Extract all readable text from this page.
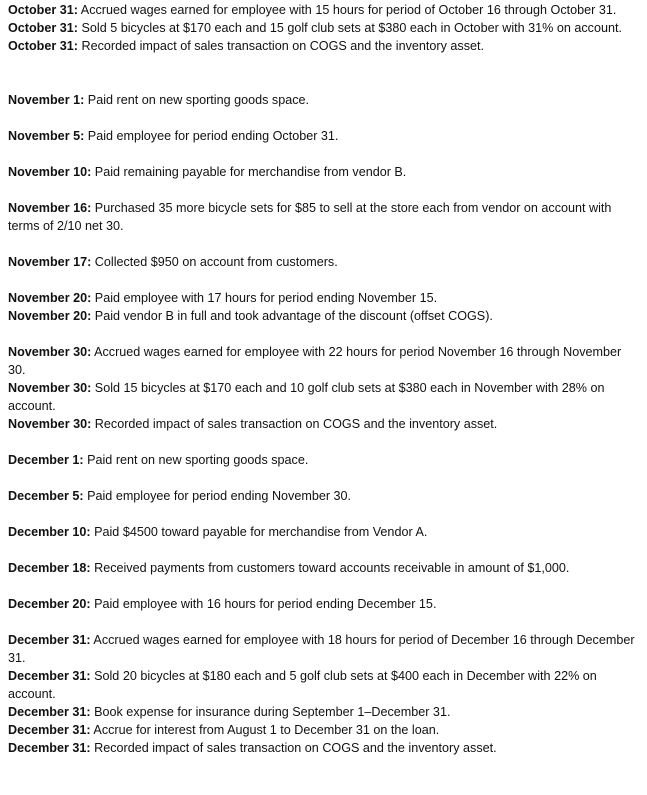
October 31: Accrued wages earned for employee with 15 hours for period of October 16 through October 31.

October 31: Sold 5 bicycles at $170 each and 15 golf club sets at $380 each in October with 31% on account.

October 31: Recorded impact of sales transaction on COGS and the inventory asset.

November 1: Paid rent on new sporting goods space.

November 5: Paid employee for period ending October 31.

November 10: Paid remaining payable for merchandise from vendor B.

November 16: Purchased 35 more bicycle sets for $85 to sell at the store each from vendor on account with terms of 2/10 net 30.

November 17: Collected $950 on account from customers.

November 20: Paid employee with 17 hours for period ending November 15.

November 20: Paid vendor B in full and took advantage of the discount (offset COGS).

November 30: Accrued wages earned for employee with 22 hours for period November 16 through November 30.

November 30: Sold 15 bicycles at $170 each and 10 golf club sets at $380 each in November with 28% on account.

November 30: Recorded impact of sales transaction on COGS and the inventory asset.

December 1: Paid rent on new sporting goods space.

December 5: Paid employee for period ending November 30.

December 10: Paid $4500 toward payable for merchandise from Vendor A.

December 18: Received payments from customers toward accounts receivable in amount of $1,000.

December 20: Paid employee with 16 hours for period ending December 15.

December 31: Accrued wages earned for employee with 18 hours for period of December 16 through December 31.

December 31: Sold 20 bicycles at $180 each and 5 golf club sets at $400 each in December with 22% on account.

December 31: Book expense for insurance during September 1–December 31.

December 31: Accrue for interest from August 1 to December 31 on the loan.

December 31: Recorded impact of sales transaction on COGS and the inventory asset.
